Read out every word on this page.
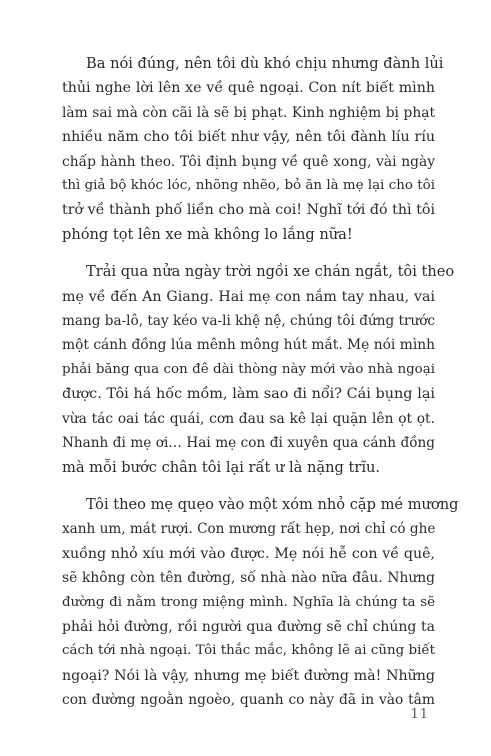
Ba nói đúng, nên tôi dù khó chịu nhưng đành lủi
thủi nghe lời lên xe về quê ngoại. Con nít biết mình
làm sai mà còn cãi là sẽ bị phạt. Kinh nghiệm bị phạt
nhiều năm cho tôi biết như vậy, nên tôi đành líu ríu
chấp hành theo. Tôi định bụng về quê xong, vài ngày
thì giả bộ khóc lóc, nhõng nhẽo, bỏ ăn là mẹ lại cho tôi
trở về thành phố liền cho mà coi! Nghĩ tới đó thì tôi
phóng tọt lên xe mà không lo lắng nữa!

Trải qua nửa ngày trời ngồi xe chán ngắt, tôi theo
mẹ về đến An Giang. Hai mẹ con nắm tay nhau, vai
mang ba-lô, tay kéo va-li khệ nệ, chúng tôi đứng trước
một cánh đồng lúa mênh mông hút mắt. Mẹ nói mình
phải băng qua con đê dài thòng này mới vào nhà ngoại
được. Tôi há hốc mồm, làm sao đi nổi? Cái bụng lại
vừa tác oai tác quái, cơn đau sa kê lại quặn lên ọt ọt.
Nhanh đi mẹ ơi… Hai mẹ con đi xuyên qua cánh đồng
mà mỗi bước chân tôi lại rất ư là nặng trĩu.

Tôi theo mẹ quẹo vào một xóm nhỏ cặp mé mương
xanh um, mát rượi. Con mương rất hẹp, nơi chỉ có ghe
xuồng nhỏ xíu mới vào được. Mẹ nói hễ con về quê,
sẽ không còn tên đường, số nhà nào nữa đâu. Nhưng
đường đi nằm trong miệng mình. Nghĩa là chúng ta sẽ
phải hỏi đường, rồi người qua đường sẽ chỉ chúng ta
cách tới nhà ngoại. Tôi thắc mắc, không lẽ ai cũng biết
ngoại? Nói là vậy, nhưng mẹ biết đường mà! Những
con đường ngoằn ngoèo, quanh co này đã in vào tâm

11
